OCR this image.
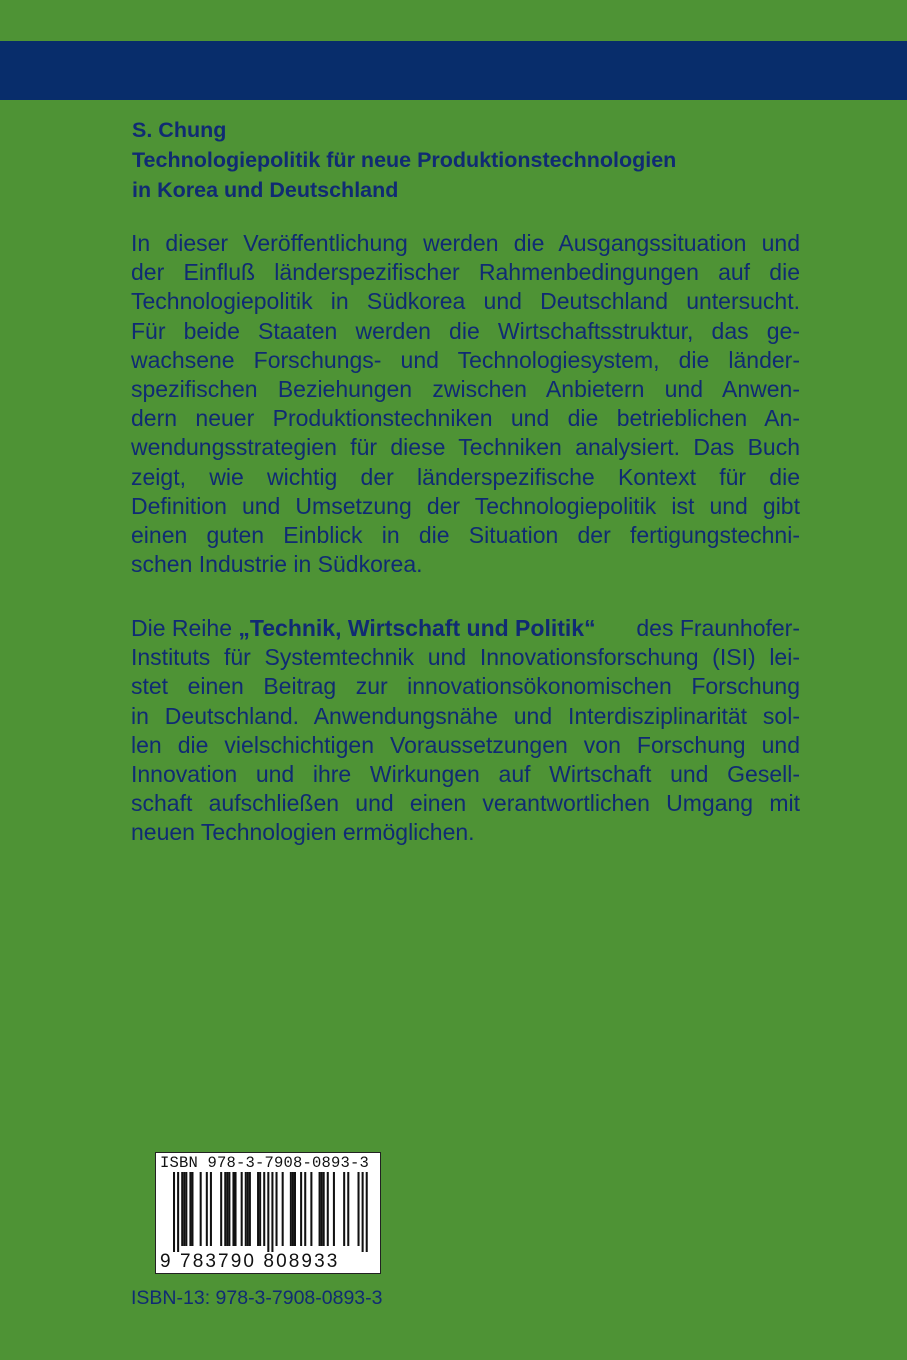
S. Chung
Technologiepolitik für neue Produktionstechnologien
in Korea und Deutschland
In dieser Veröffentlichung werden die Ausgangssituation und
der Einfluß länderspezifischer Rahmenbedingungen auf die
Technologiepolitik in Südkorea und Deutschland untersucht.
Für beide Staaten werden die Wirtschaftsstruktur, das ge-
wachsene Forschungs- und Technologiesystem, die länder-
spezifischen Beziehungen zwischen Anbietern und Anwen-
dern neuer Produktionstechniken und die betrieblichen An-
wendungsstrategien für diese Techniken analysiert. Das Buch
zeigt, wie wichtig der länderspezifische Kontext für die
Definition und Umsetzung der Technologiepolitik ist und gibt
einen guten Einblick in die Situation der fertigungstechni-
schen Industrie in Südkorea.
Die Reihe „Technik, Wirtschaft und Politik“ des Fraunhofer-
Instituts für Systemtechnik und Innovationsforschung (ISI) lei-
stet einen Beitrag zur innovationsökonomischen Forschung
in Deutschland. Anwendungsnähe und Interdisziplinarität sol-
len die vielschichtigen Voraussetzungen von Forschung und
Innovation und ihre Wirkungen auf Wirtschaft und Gesell-
schaft aufschließen und einen verantwortlichen Umgang mit
neuen Technologien ermöglichen.
ISBN 978-3-7908-0893-3
9 783790 808933
ISBN-13: 978-3-7908-0893-3
